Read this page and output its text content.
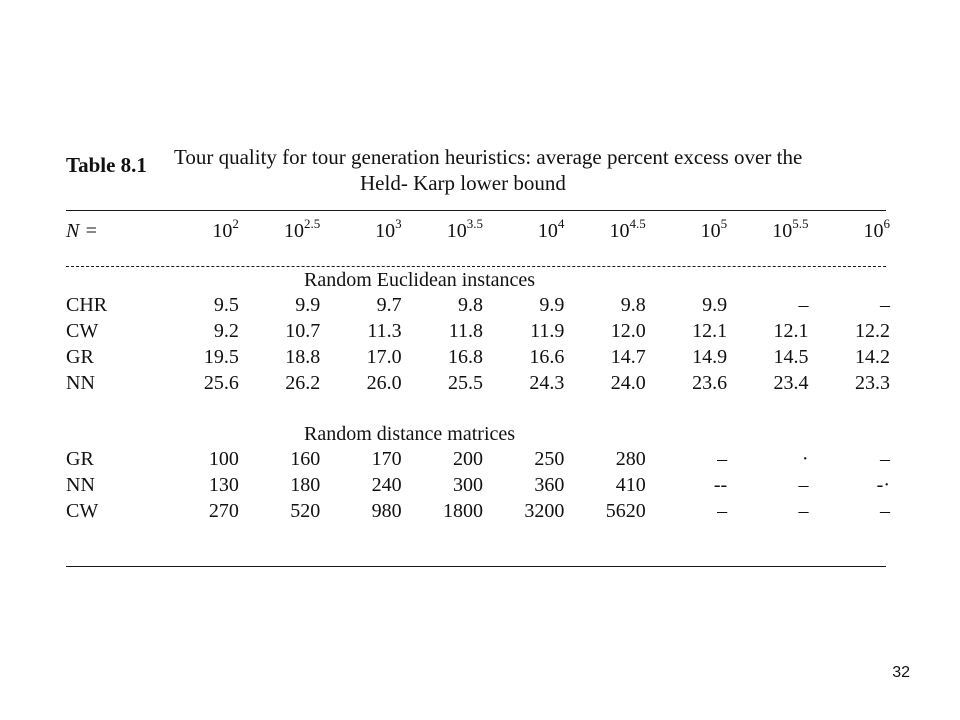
Table 8.1 Tour quality for tour generation heuristics: average percent excess over the
Held- Karp lower bound
N =	$10^2$	$10^{2.5}$	$10^3$	$10^{3.5}$	$10^4$	$10^{4.5}$	$10^5$	$10^{5.5}$	$10^6$
Random Euclidean instances									
CHR	9.5	9.9	9.7	9.8	9.9	9.8	9.9	–	–
CW	9.2	10.7	11.3	11.8	11.9	12.0	12.1	12.1	12.2
GR	19.5	18.8	17.0	16.8	16.6	14.7	14.9	14.5	14.2
NN	25.6	26.2	26.0	25.5	24.3	24.0	23.6	23.4	23.3

Random distance matrices									
GR	100	160	170	200	250	280	–	·	–
NN	130	180	240	300	360	410	--	–	-·
CW	270	520	980	1800	3200	5620	–	–	–
32
